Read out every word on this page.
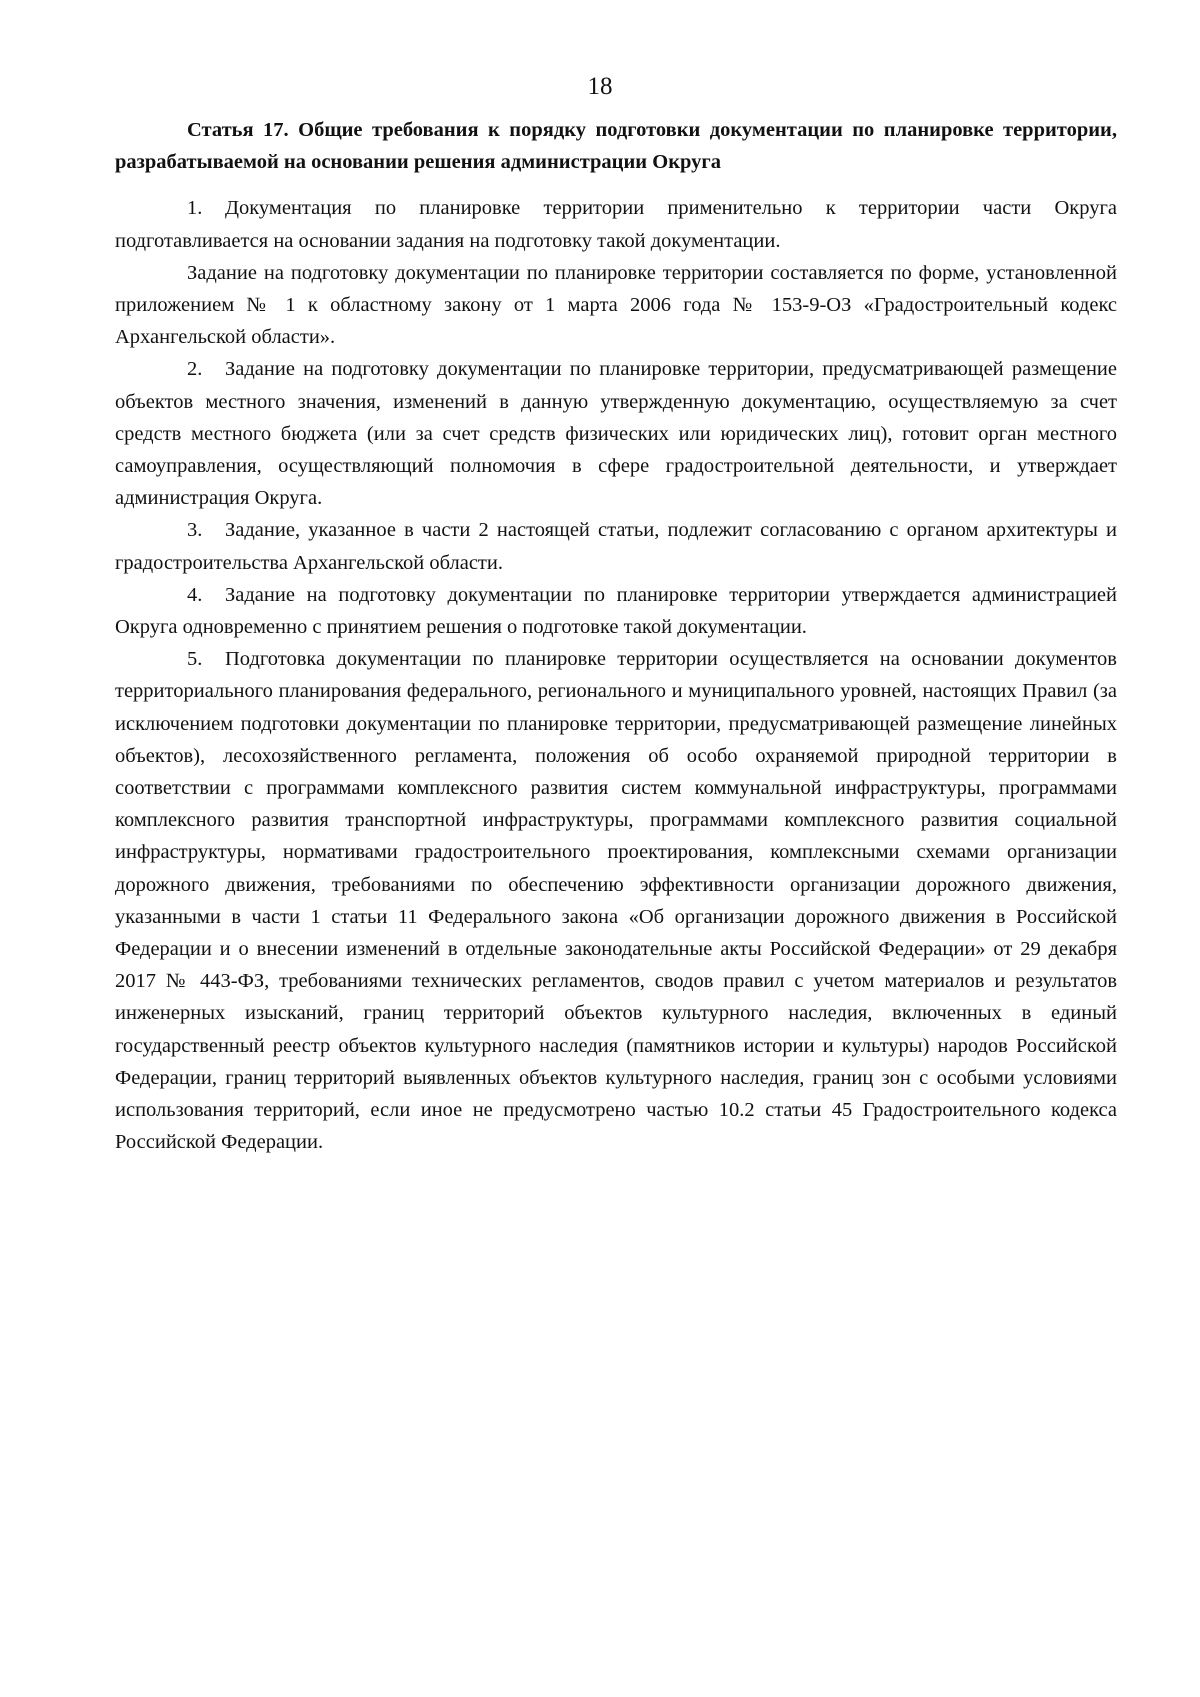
18

Статья 17. Общие требования к порядку подготовки документации по планировке территории, разрабатываемой на основании решения администрации Округа

1. Документация по планировке территории применительно к территории части Округа подготавливается на основании задания на подготовку такой документации.

Задание на подготовку документации по планировке территории составляется по форме, установленной приложением № 1 к областному закону от 1 марта 2006 года № 153-9-ОЗ «Градостроительный кодекс Архангельской области».

2. Задание на подготовку документации по планировке территории, предусматривающей размещение объектов местного значения, изменений в данную утвержденную документацию, осуществляемую за счет средств местного бюджета (или за счет средств физических или юридических лиц), готовит орган местного самоуправления, осуществляющий полномочия в сфере градостроительной деятельности, и утверждает администрация Округа.

3. Задание, указанное в части 2 настоящей статьи, подлежит согласованию с органом архитектуры и градостроительства Архангельской области.

4. Задание на подготовку документации по планировке территории утверждается администрацией Округа одновременно с принятием решения о подготовке такой документации.

5. Подготовка документации по планировке территории осуществляется на основании документов территориального планирования федерального, регионального и муниципального уровней, настоящих Правил (за исключением подготовки документации по планировке территории, предусматривающей размещение линейных объектов), лесохозяйственного регламента, положения об особо охраняемой природной территории в соответствии с программами комплексного развития систем коммунальной инфраструктуры, программами комплексного развития транспортной инфраструктуры, программами комплексного развития социальной инфраструктуры, нормативами градостроительного проектирования, комплексными схемами организации дорожного движения, требованиями по обеспечению эффективности организации дорожного движения, указанными в части 1 статьи 11 Федерального закона «Об организации дорожного движения в Российской Федерации и о внесении изменений в отдельные законодательные акты Российской Федерации» от 29 декабря 2017 № 443-ФЗ, требованиями технических регламентов, сводов правил с учетом материалов и результатов инженерных изысканий, границ территорий объектов культурного наследия, включенных в единый государственный реестр объектов культурного наследия (памятников истории и культуры) народов Российской Федерации, границ территорий выявленных объектов культурного наследия, границ зон с особыми условиями использования территорий, если иное не предусмотрено частью 10.2 статьи 45 Градостроительного кодекса Российской Федерации.
